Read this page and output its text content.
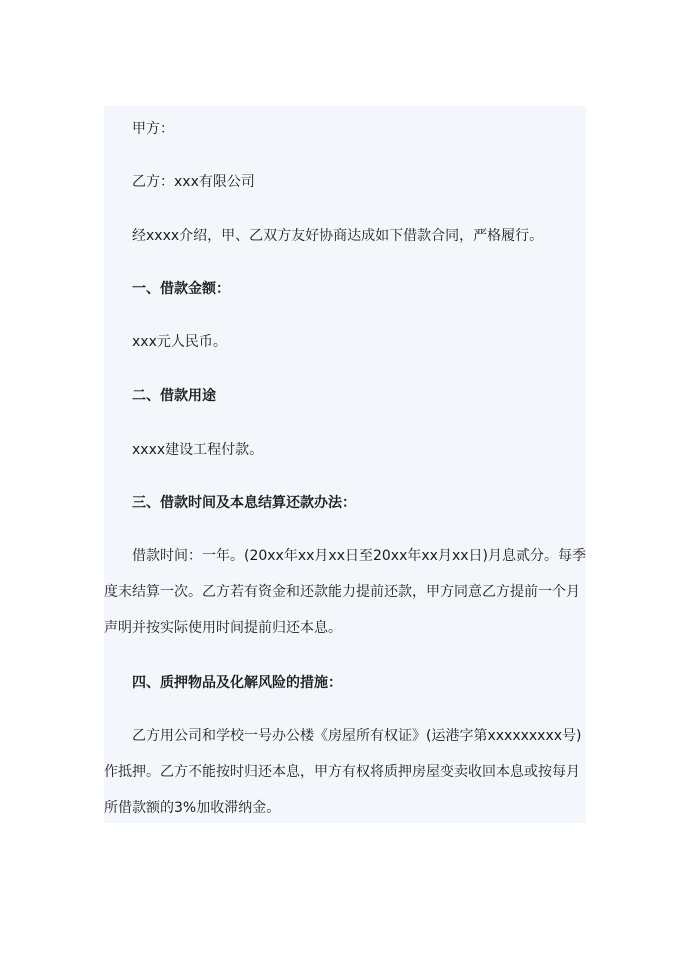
甲方：
乙方：xxx有限公司
经xxxx介绍，甲、乙双方友好协商达成如下借款合同，严格履行。
一、借款金额：
xxx元人民币。
二、借款用途
xxxx建设工程付款。
三、借款时间及本息结算还款办法：
借款时间：一年。(20xx年xx月xx日至20xx年xx月xx日)月息贰分。每季度末结算一次。乙方若有资金和还款能力提前还款，甲方同意乙方提前一个月声明并按实际使用时间提前归还本息。
四、质押物品及化解风险的措施：
乙方用公司和学校一号办公楼《房屋所有权证》(运港字第xxxxxxxxx号)作抵押。乙方不能按时归还本息，甲方有权将质押房屋变卖收回本息或按每月所借款额的3%加收滞纳金。
